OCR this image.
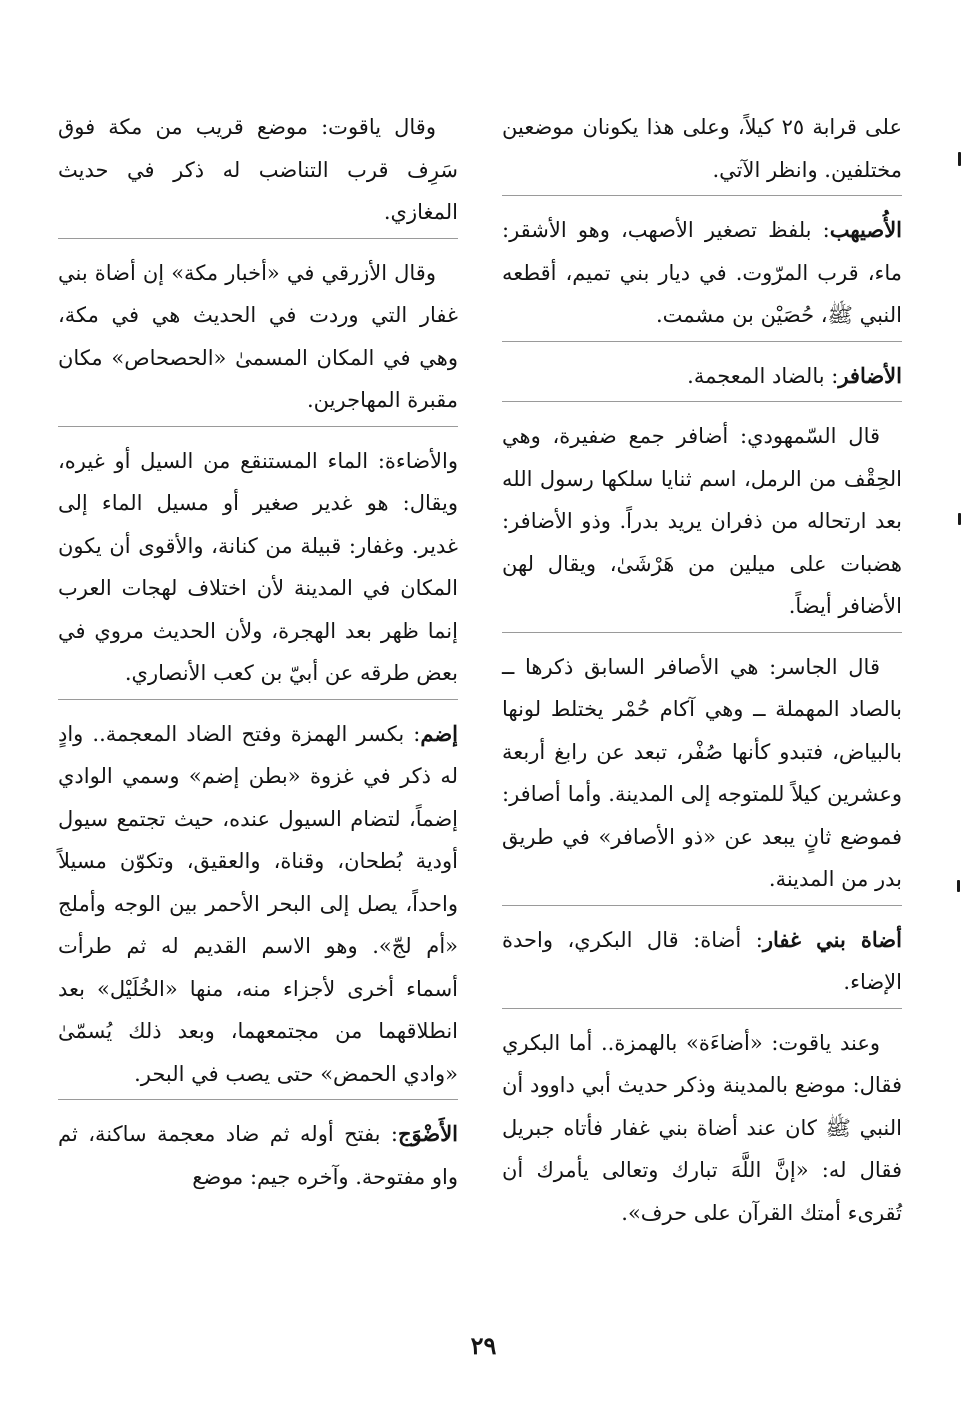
على قرابة ٢٥ كيلاً، وعلى هذا يكونان موضعين مختلفين. وانظر الآتي.

الأُصيهب: بلفظ تصغير الأصهب، وهو الأشقر: ماء، قرب المرّوت. في ديار بني تميم، أقطعه النبي ﷺ، حُصَيْن بن مشمت.

الأضافر: بالضاد المعجمة.

قال السّمهودي: أضافر جمع ضفيرة، وهي الحِقْف من الرمل، اسم ثنايا سلكها رسول الله بعد ارتحاله من ذفران يريد بدراً. وذو الأضافر: هضبات على ميلين من هَرْشَىٰ، ويقال لهن الأضافر أيضاً.

قال الجاسر: هي الأصافر السابق ذكرها ــ بالصاد المهملة ــ وهي آكام حُمْر يختلط لونها بالبياض، فتبدو كأنها صُفْر، تبعد عن رابغ أربعة وعشرين كيلاً للمتوجه إلى المدينة. وأما أصافر: فموضع ثانٍ يبعد عن «ذو الأصافر» في طريق بدر من المدينة.

أضاة بني غفار: أضاة: قال البكري، واحدة الإضاء.

وعند ياقوت: «أضاءَة» بالهمزة.. أما البكري فقال: موضع بالمدينة وذكر حديث أبي داوود أن النبي ﷺ كان عند أضاة بني غفار فأتاه جبريل فقال له: «إنَّ اللَّهَ تبارك وتعالى يأمرك أن تُقرىء أمتك القرآن على حرف».

وقال ياقوت: موضع قريب من مكة فوق سَرِف قرب التناضب له ذكر في حديث المغازي.

وقال الأزرقي في «أخبار مكة» إن أضاة بني غفار التي وردت في الحديث هي في مكة، وهي في المكان المسمىٰ «الحصحاص» مكان مقبرة المهاجرين.

والأضاءة: الماء المستنقع من السيل أو غيره، ويقال: هو غدير صغير أو مسيل الماء إلى غدير. وغفار: قبيلة من كنانة، والأقوى أن يكون المكان في المدينة لأن اختلاف لهجات العرب إنما ظهر بعد الهجرة، ولأن الحديث مروي في بعض طرقه عن أبيّ بن كعب الأنصاري.

إضم: بكسر الهمزة وفتح الضاد المعجمة.. وادٍ له ذكر في غزوة «بطن إضم» وسمي الوادي إضماً، لتضام السيول عنده، حيث تجتمع سيول أودية بُطحان، وقناة، والعقيق، وتكوّن مسيلاً واحداً، يصل إلى البحر الأحمر بين الوجه وأملج «أم لجّ». وهو الاسم القديم له ثم طرأت أسماء أخرى لأجزاء منه، منها «الخُلَيْل» بعد انطلاقهما من مجتمعهما، وبعد ذلك يُسمّىٰ «وادي الحمض» حتى يصب في البحر.

الأَضْوَج: بفتح أوله ثم ضاد معجمة ساكنة، ثم واو مفتوحة. وآخره جيم: موضع

٢٩
